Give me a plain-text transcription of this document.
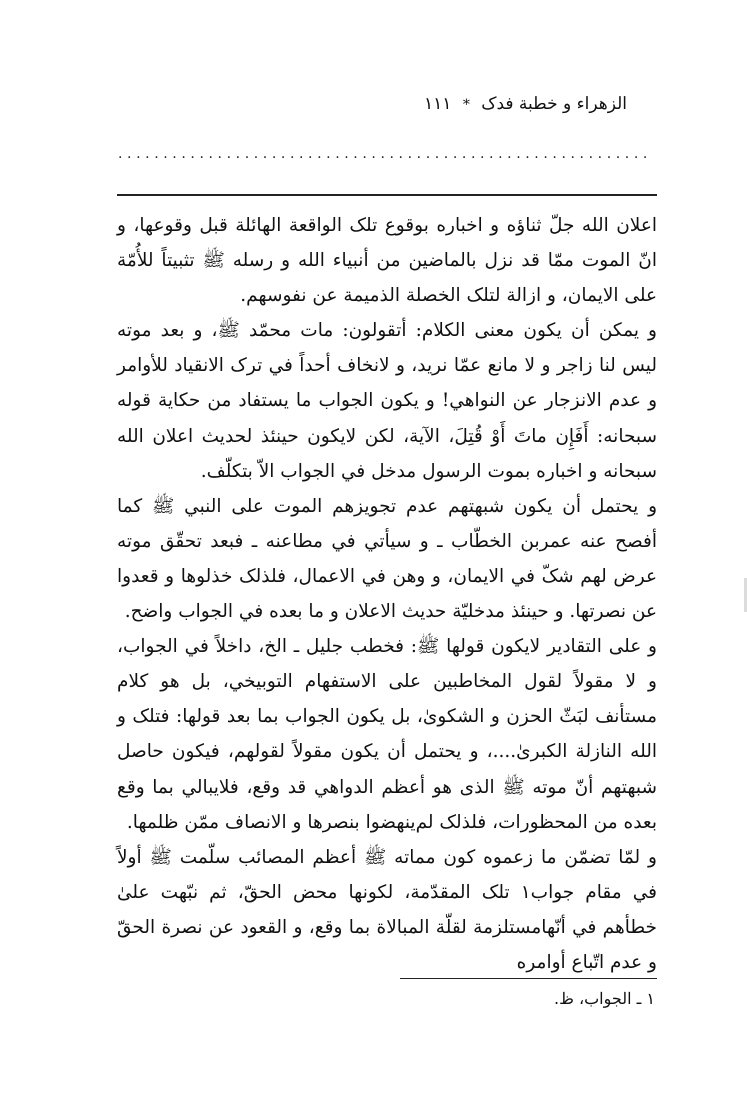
الزهراء و خطبة فدک * ١١١
...........................................................

اعلان الله جلّ ثناؤه و اخباره بوقوع تلک الواقعة الهائلة قبل وقوعها، و انّ الموت ممّا قد نزل بالماضين من أنبياء الله و رسله ﷺ تثبيتاً للأُمّة على الايمان، و ازالة لتلک الخصلة الذميمة عن نفوسهم.

و يمکن أن يکون معنى الکلام: أتقولون: مات محمّد ﷺ، و بعد موته ليس لنا زاجر و لا مانع عمّا نريد، و لانخاف أحداً في ترک الانقياد للأوامر و عدم الانزجار عن النواهي! و يکون الجواب ما يستفاد من حکاية قوله سبحانه: أَفَإِن ماتَ أَوْ قُتِلَ، الآية، لکن لايکون حينئذ لحديث اعلان الله سبحانه و اخباره بموت الرسول مدخل في الجواب الاّ بتکلّف.

و يحتمل أن يکون شبهتهم عدم تجويزهم الموت على النبي ﷺ کما أفصح عنه عمربن الخطّاب ـ و سيأتي في مطاعنه ـ فبعد تحقّق موته عرض لهم شکّ في الايمان، و وهن في الاعمال، فلذلک خذلوها و قعدوا عن نصرتها. و حينئذ مدخليّة حديث الاعلان و ما بعده في الجواب واضح.

و على التقادير لايکون قولها ﷺ: فخطب جليل ـ الخ، داخلاً في الجواب، و لا مقولاً لقول المخاطبين على الاستفهام التوبيخي، بل هو کلام مستأنف لبَثّ الحزن و الشکوىٰ، بل يکون الجواب بما بعد قولها: فتلک و الله النازلة الکبرىٰ....، و يحتمل أن يکون مقولاً لقولهم، فيکون حاصل شبهتهم أنّ موته ﷺ الذى هو أعظم الدواهي قد وقع، فلايبالي بما وقع بعده من المحظورات، فلذلک لم‌ينهضوا بنصرها و الانصاف ممّن ظلمها.

و لمّا تضمّن ما زعموه کون مماته ﷺ أعظم المصائب سلّمت ﷺ أولاً في مقام جواب١ تلک المقدّمة، لکونها محض الحقّ، ثم نبّهت علىٰ خطأهم في أنّهامستلزمة لقلّة المبالاة بما وقع، و القعود عن نصرة الحقّ و عدم اتّباع أوامره

١ ـ الجواب، ظ.
